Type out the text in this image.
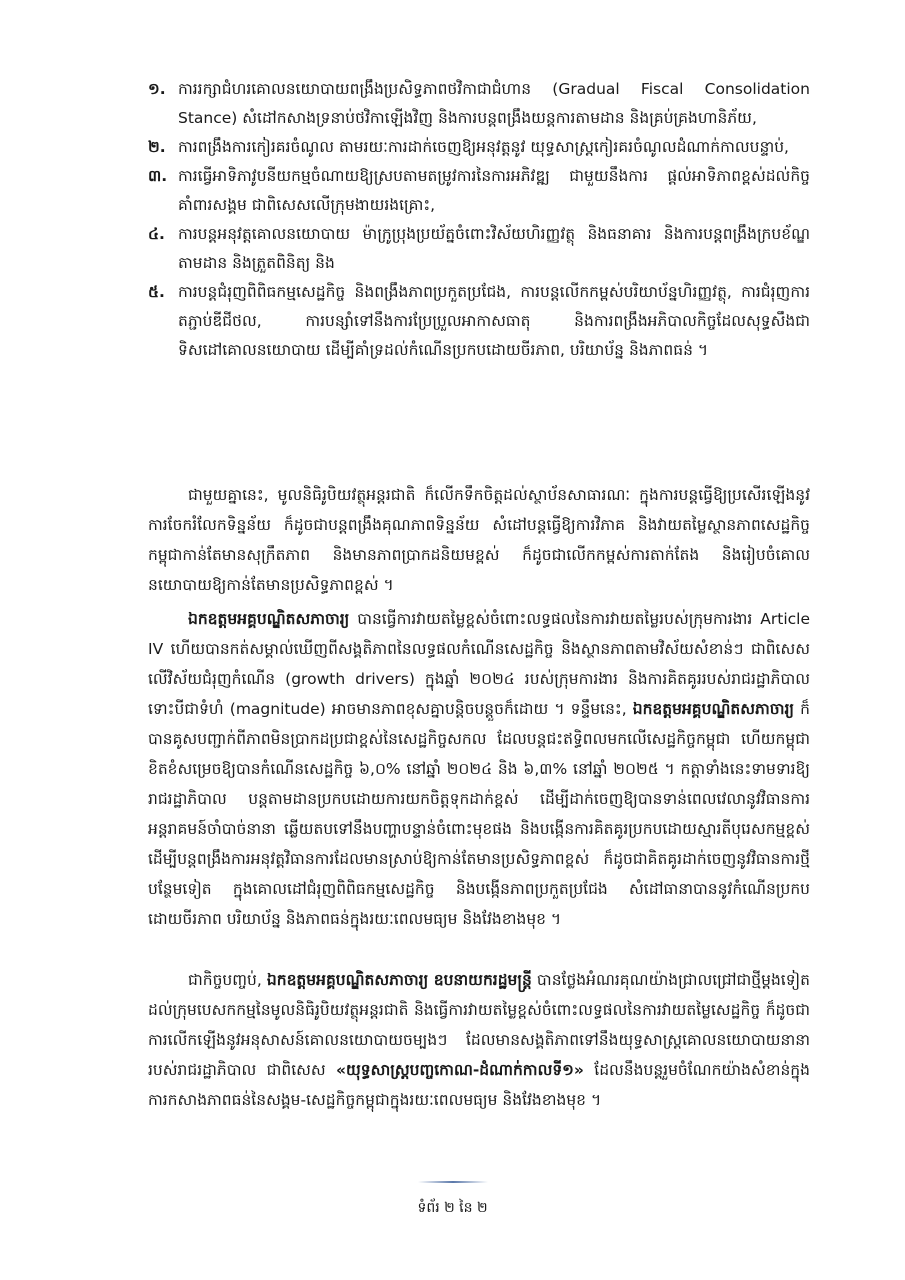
១. ការរក្សាជំហរគោលនយោបាយពង្រឹងប្រសិទ្ធភាពថវិកាជាជំហាន (Gradual Fiscal Consolidation Stance) សំដៅកសាងទ្រនាប់ថវិកាឡើងវិញ និងការបន្តពង្រឹងយន្តការតាមដាន និងគ្រប់គ្រងហានិភ័យ,
២. ការពង្រឹងការកៀរគរចំណូល តាមរយៈការដាក់ចេញឱ្យអនុវត្តនូវ យុទ្ធសាស្ត្រកៀរគរចំណូលដំណាក់កាលបន្ទាប់,
៣. ការធ្វើអាទិភាវូបនីយកម្មចំណាយឱ្យស្របតាមតម្រូវការនៃការអភិវឌ្ឍ ជាមួយនឹងការ ផ្តល់អាទិភាពខ្ពស់ដល់កិច្ចគាំពារសង្គម ជាពិសេសលើក្រុមងាយរងគ្រោះ,
៤. ការបន្តអនុវត្តគោលនយោបាយ ម៉ាក្រូប្រុងប្រយ័ត្នចំពោះវិស័យហិរញ្ញវត្ថុ និងធនាគារ និងការបន្តពង្រឹងក្របខ័ណ្ឌតាមដាន និងត្រួតពិនិត្យ និង
៥. ការបន្តជំរុញពិពិធកម្មសេដ្ឋកិច្ច និងពង្រឹងភាពប្រកួតប្រជែង, ការបន្តលើកកម្ពស់បរិយាប័ន្នហិរញ្ញវត្ថុ, ការជំរុញការតភ្ជាប់ឌីជីថល, ការបន្សាំទៅនឹងការប្រែប្រួលអាកាសធាតុ និងការពង្រឹងអភិបាលកិច្ចដែលសុទ្ធសឹងជាទិសដៅគោលនយោបាយ ដើម្បីគាំទ្រដល់កំណើនប្រកបដោយចីរភាព, បរិយាប័ន្ន និងភាពធន់ ។

ជាមួយគ្នានេះ, មូលនិធិរូបិយវត្ថុអន្តរជាតិ ក៏លើកទឹកចិត្តដល់ស្ថាប័នសាធារណៈ ក្នុងការបន្តធ្វើឱ្យប្រសើរឡើងនូវការចែករំលែកទិន្នន័យ ក៏ដូចជាបន្តពង្រឹងគុណភាពទិន្នន័យ សំដៅបន្តធ្វើឱ្យការវិភាគ និងវាយតម្លៃស្ថានភាពសេដ្ឋកិច្ចកម្ពុជាកាន់តែមានសុក្រឹតភាព និងមានភាពប្រាកដនិយមខ្ពស់ ក៏ដូចជាលើកកម្ពស់ការតាក់តែង និងរៀបចំគោលនយោបាយឱ្យកាន់តែមានប្រសិទ្ធភាពខ្ពស់ ។

ឯកឧត្តមអគ្គបណ្ឌិតសភាចារ្យ បានធ្វើការវាយតម្លៃខ្ពស់ចំពោះលទ្ធផលនៃការវាយតម្លៃរបស់ក្រុមការងារ Article IV ហើយបានកត់សម្គាល់ឃើញពីសង្គតិភាពនៃលទ្ធផលកំណើនសេដ្ឋកិច្ច និងស្ថានភាពតាមវិស័យសំខាន់ៗ ជាពិសេស លើវិស័យជំរុញកំណើន (growth drivers) ក្នុងឆ្នាំ ២០២៤ របស់ក្រុមការងារ និងការគិតគូររបស់រាជរដ្ឋាភិបាល ទោះបីជាទំហំ (magnitude) អាចមានភាពខុសគ្នាបន្តិចបន្តួចក៏ដោយ ។ ទន្ទឹមនេះ, ឯកឧត្តមអគ្គបណ្ឌិតសភាចារ្យ ក៏បានគូសបញ្ជាក់ពីភាពមិនប្រាកដប្រជាខ្ពស់នៃសេដ្ឋកិច្ចសកល ដែលបន្តជះឥទ្ធិពលមកលើសេដ្ឋកិច្ចកម្ពុជា ហើយកម្ពុជាខិតខំសម្រេចឱ្យបានកំណើនសេដ្ឋកិច្ច ៦,០% នៅឆ្នាំ ២០២៤ និង ៦,៣% នៅឆ្នាំ ២០២៥ ។ កត្តាទាំងនេះទាមទារឱ្យរាជរដ្ឋាភិបាល បន្តតាមដានប្រកបដោយការយកចិត្តទុកដាក់ខ្ពស់ ដើម្បីដាក់ចេញឱ្យបានទាន់ពេលវេលានូវវិធានការអន្តរាគមន៍ចាំបាច់នានា ឆ្លើយតបទៅនឹងបញ្ហាបន្ទាន់ចំពោះមុខផង និងបង្កើនការគិតគូរប្រកបដោយស្មារតីបុរេសកម្មខ្ពស់ ដើម្បីបន្តពង្រឹងការអនុវត្តវិធានការដែលមានស្រាប់ឱ្យកាន់តែមានប្រសិទ្ធភាពខ្ពស់ ក៏ដូចជាគិតគូរដាក់ចេញនូវវិធានការថ្មីបន្ថែមទៀត ក្នុងគោលដៅជំរុញពិពិធកម្មសេដ្ឋកិច្ច និងបង្កើនភាពប្រកួតប្រជែង សំដៅធានាបាននូវកំណើនប្រកបដោយចីរភាព បរិយាប័ន្ន និងភាពធន់ក្នុងរយៈពេលមធ្យម និងវែងខាងមុខ ។

ជាកិច្ចបញ្ចប់, ឯកឧត្តមអគ្គបណ្ឌិតសភាចារ្យ ឧបនាយករដ្ឋមន្ត្រី បានថ្លែងអំណរគុណយ៉ាងជ្រាលជ្រៅជាថ្មីម្តងទៀតដល់ក្រុមបេសកកម្មនៃមូលនិធិរូបិយវត្ថុអន្តរជាតិ និងធ្វើការវាយតម្លៃខ្ពស់ចំពោះលទ្ធផលនៃការវាយតម្លៃសេដ្ឋកិច្ច ក៏ដូចជាការលើកឡើងនូវអនុសាសន៍គោលនយោបាយចម្បងៗ ដែលមានសង្គតិភាពទៅនឹងយុទ្ធសាស្ត្រគោលនយោបាយនានារបស់រាជរដ្ឋាភិបាល ជាពិសេស «យុទ្ធសាស្ត្របញ្ចកោណ-ដំណាក់កាលទី១» ដែលនឹងបន្តរួមចំណែកយ៉ាងសំខាន់ក្នុងការកសាងភាពធន់នៃសង្គម-សេដ្ឋកិច្ចកម្ពុជាក្នុងរយៈពេលមធ្យម និងវែងខាងមុខ ។

ទំព័រ ២ នៃ ២
